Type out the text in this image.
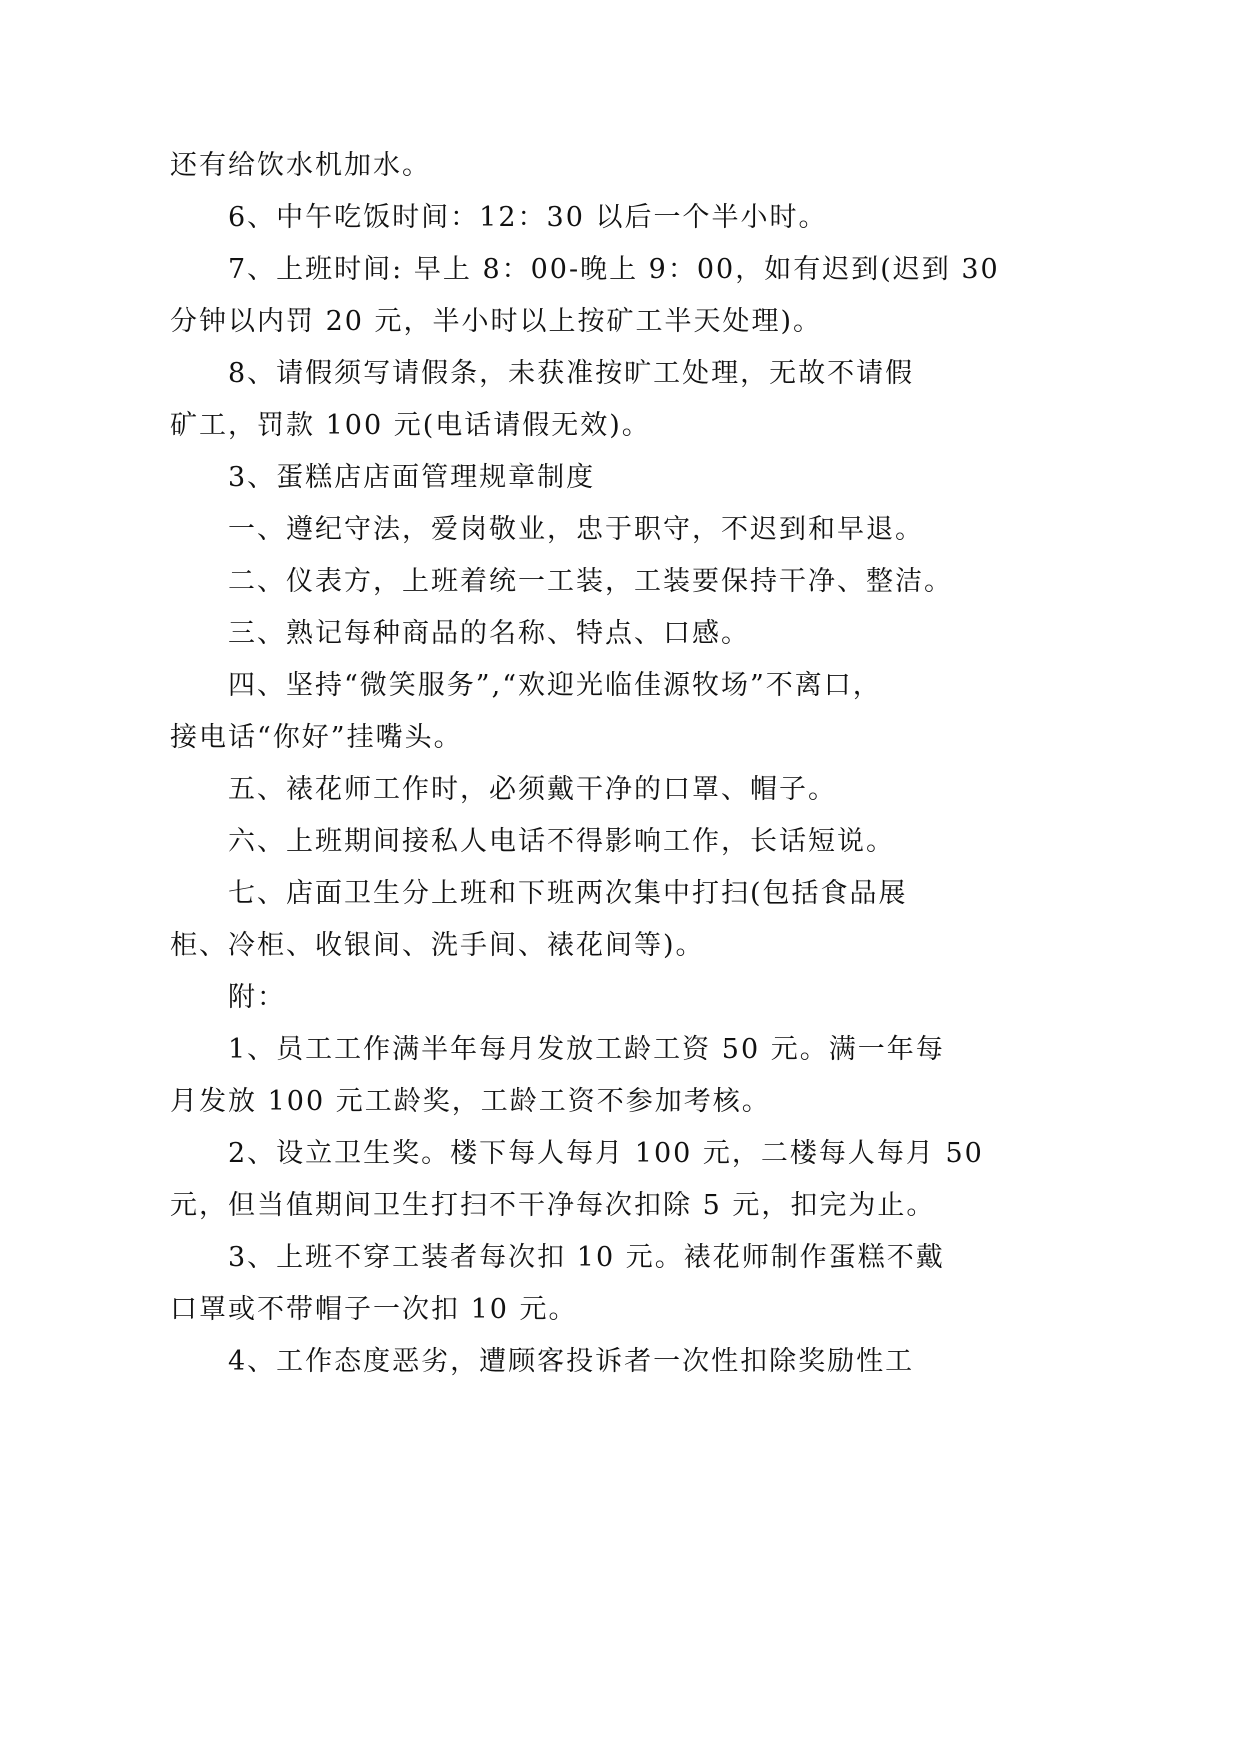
还有给饮水机加水。
6、中午吃饭时间：12：30 以后一个半小时。
7、上班时间: 早上 8：00-晚上 9：00，如有迟到(迟到 30
分钟以内罚 20 元，半小时以上按矿工半天处理)。
8、请假须写请假条，未获准按旷工处理，无故不请假
矿工，罚款 100 元(电话请假无效)。
3、蛋糕店店面管理规章制度
一、遵纪守法，爱岗敬业，忠于职守，不迟到和早退。
二、仪表方，上班着统一工装，工装要保持干净、整洁。
三、熟记每种商品的名称、特点、口感。
四、坚持“微笑服务”,“欢迎光临佳源牧场”不离口，
接电话“你好”挂嘴头。
五、裱花师工作时，必须戴干净的口罩、帽子。
六、上班期间接私人电话不得影响工作，长话短说。
七、店面卫生分上班和下班两次集中打扫(包括食品展
柜、冷柜、收银间、洗手间、裱花间等)。
附：
1、员工工作满半年每月发放工龄工资 50 元。满一年每
月发放 100 元工龄奖，工龄工资不参加考核。
2、设立卫生奖。楼下每人每月 100 元，二楼每人每月 50
元，但当值期间卫生打扫不干净每次扣除 5 元，扣完为止。
3、上班不穿工装者每次扣 10 元。裱花师制作蛋糕不戴
口罩或不带帽子一次扣 10 元。
4、工作态度恶劣，遭顾客投诉者一次性扣除奖励性工
